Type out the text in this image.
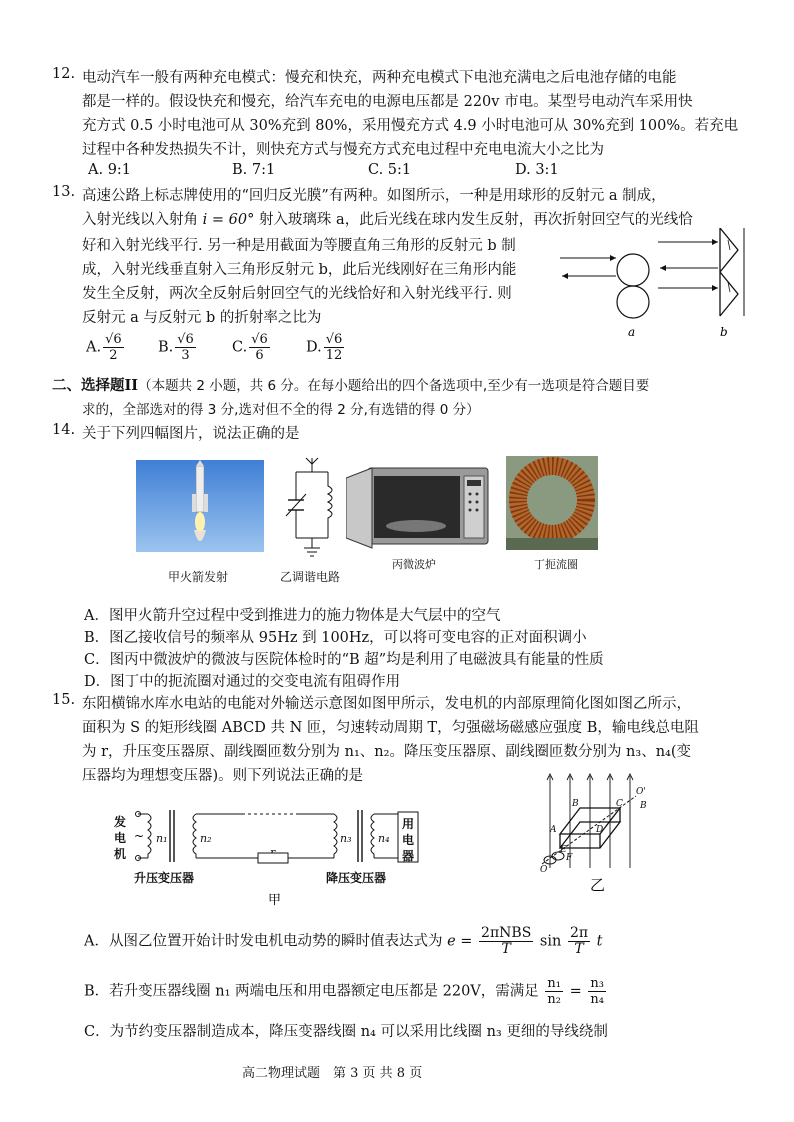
12. 电动汽车一般有两种充电模式：慢充和快充，两种充电模式下电池充满电之后电池存储的电能
都是一样的。假设快充和慢充，给汽车充电的电源电压都是 220v 市电。某型号电动汽车采用快
充方式 0.5 小时电池可从 30%充到 80%，采用慢充方式 4.9 小时电池可从 30%充到 100%。若充电
过程中各种发热损失不计，则快充方式与慢充方式充电过程中充电电流大小之比为
A. 9:1	B. 7:1	C. 5:1	D. 3:1
13. 高速公路上标志牌使用的“回归反光膜”有两种。如图所示，一种是用球形的反射元 a 制成，
入射光线以入射角 i = 60° 射入玻璃珠 a，此后光线在球内发生反射，再次折射回空气的光线恰
好和入射光线平行. 另一种是用截面为等腰直角三角形的反射元 b 制
成，入射光线垂直射入三角形反射元 b，此后光线刚好在三角形内能
发生全反射，两次全反射后射回空气的光线恰好和入射光线平行. 则
反射元 a 与反射元 b 的折射率之比为
a	b
A. $\frac{√6}{2} B$. $\frac{√6}{3} C$. $\frac{√6}{6}$	D. $\frac{√6}{12}$
二、选择题II（本题共 2 小题，共 6 分。在每小题给出的四个备选项中,至少有一选项是符合题目要
求的，全部选对的得 3 分,选对但不全的得 2 分,有选错的得 0 分）
14. 关于下列四幅图片，说法正确的是
甲火箭发射	乙调谐电路
丙微波炉	丁扼流圈
A．图甲火箭升空过程中受到推进力的施力物体是大气层中的空气
B．图乙接收信号的频率从 95Hz 到 100Hz，可以将可变电容的正对面积调小
C．图丙中微波炉的微波与医院体检时的“B 超”均是利用了电磁波具有能量的性质
D．图丁中的扼流圈对通过的交变电流有阻碍作用
15. 东阳横锦水库水电站的电能对外输送示意图如图甲所示，发电机的内部原理简化图如图乙所示，
面积为 S 的矩形线圈 ABCD 共 N 匝，匀速转动周期 T，匀强磁场磁感应强度 B，输电线总电阻
为 r，升压变压器原、副线圈匝数分别为 n₁、n₂。降压变压器原、副线圈匝数分别为 n₃、n₄(变
压器均为理想变压器)。则下列说法正确的是
发
电
机
用
电
器
升压变压器	降压变压器
n₁	n₂	n₃ n₄
~
甲
O'
B	C
A	D
E
F
O
B
乙
A．从图乙位置开始计时发电机电动势的瞬时值表达式为 $e = \frac{\text{2πNBS}}{T}$ $\sin \frac{2\pi}{T}$ t
B．若升变压器线圈 n₁ 两端电压和用电器额定电压都是 220V，需满足 $\frac{\text{n₁}}{\text{n₂}} = \frac{\text{n₃}}{\text{n₄}}$
C．为节约变压器制造成本，降压变器线圈 n₄ 可以采用比线圈 n₃ 更细的导线绕制
高二物理试题　第 3 页 共 8 页
